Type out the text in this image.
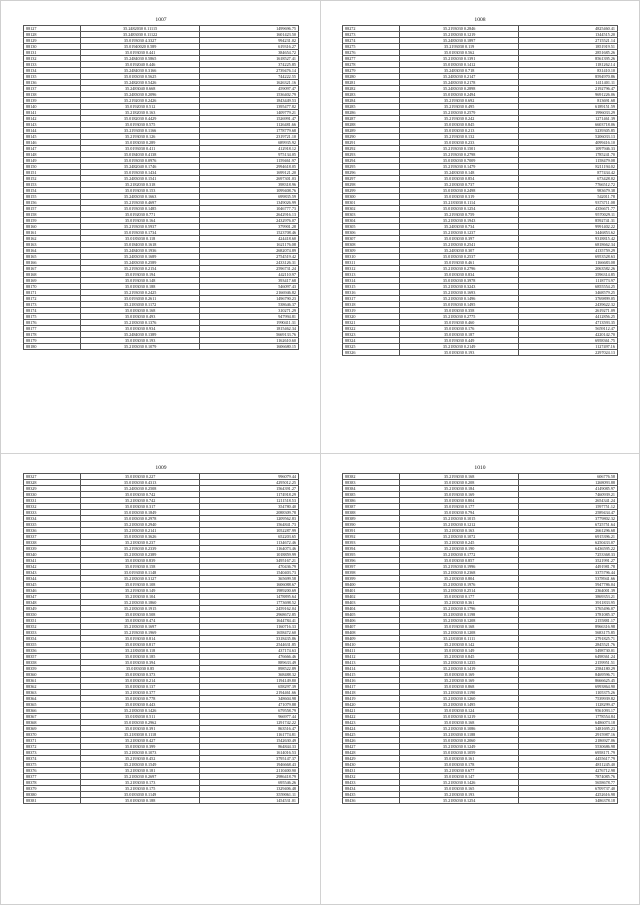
1007
88127	35.2482030 0.11115	1499696.75
88128	35.2483030 0.11122	1601423.50
88129	35.0193030 4.3327	994231.02
88130	35.01940020 0.589	619316.27
88131	35.0193030 0.441	384654.72
88132	35.2484030 0.5865	1618527.41
88133	35.0192040 0.446	374225.85
88134	35.2484030 0.3166	2739476.14
88135	35.0183030 0.5625	744222.55
88136	35.2482030 0.5426	1626321.16
88137	35.2483040 0.668	459097.47
88138	35.2483030 0.2096	1536402.79
88139	35.2192030 0.2426	1843449.53
88140	35.0192030 0.512	1395477.82
88141	35.2182030 0.163	1409779.21
88142	35.0182030 0.4429	1526991.47
88143	35.0193030 0.575	1126481.66
88144	35.2193030 0.1166	1778779.68
88145	35.2193030 0.126	2319721.10
88146	35.0183030 0.289	689935.92
88147	35.0193030 0.411	412918.12
88148	35.0184030 0.4138	975134.05
88149	35.0193030 0.0976	1159461.97
88150	35.2482040 0.1746	2994618.05
88151	35.0193030 0.1434	1699121.20
88152	35.2483030 0.1541	2697301.03
88153	35.2182030 0.318	398318.96
88154	35.0193030 0.153	1099408.76
88155	35.2483030 0.1663	699835.59
88156	35.2193030 0.4697	1349026.99
88157	35.0193030 0.1485	1046777.73
88158	35.0192030 0.771	2642916.13
88159	35.0193030 0.164	2432976.07
88160	35.2193030 0.5937	379901.28
88161	35.0193030 0.1734	1523708.46
88162	35.0183030 0.118	424418.60
88163	35.0184030 0.1618	1621176.08
88164	35.2484030 0.1936	2682074.89
88165	35.2483030 0.1689	2754519.42
88166	35.2483030 0.2589	2433126.31
88167	35.2193030 0.2154	2596731.24
88168	35.0193030 0.194	442110.97
88169	35.0193030 0.148	393417.68
88170	35.0183030 0.188	546097.43
88171	35.2193030 0.2425	2166946.82
88172	35.0193030 0.2611	1496790.23
88173	35.2183030 0.1172	538646.37
88174	35.0183030 0.168	310271.29
88175	35.0183030 0.493	947994.81
88176	35.2183030 0.1376	1990411.31
88177	35.0183030 0.934	1815462.34
88178	35.2484030 0.1389	5669133.76
88179	35.0183030 0.193	1162610.60
88180	35.2183030 0.1079	1606680.15
1008
88272	35.2193030 0.2846	4825460.41
88273	35.2183030 0.1219	1344515.20
88274	35.2483030 0.1897	2715521.14
88275	35.2193030 0.119	1851919.51
88276	35.0183030 0.562	2851685.26
88277	35.2183030 0.1391	8561395.26
88278	35.0183030 0.1412	1181262.14
88279	35.2483030 0.718	831410.10
88280	35.2483030 0.2147	8594970.86
88281	35.2483030 0.2178	1411401.11
88282	35.2483030 0.2898	2192796.47
88283	35.0183030 0.2494	9691226.06
88284	35.2193030 0.692	813691.68
88285	35.2193030 0.495	6189151.59
88286	35.2183030 0.2579	1996033.29
88287	35.2193030 0.242	1271461.39
88288	35.0183030 0.845	6603718.06
88289	35.0183030 0.213	5239305.85
88290	35.2193030 0.132	5206033.13
88291	35.0183030 0.233	4099416.10
88292	35.2193030 0.1501	1097946.33
88293	35.2193030 0.2798	1785241.70
88294	35.0183030 0.7009	1158479.08
88295	35.2193030 0.1479	8211194.02
88296	35.2483030 0.148	877434.42
88297	35.0183030 0.854	673428.02
88298	35.2183030 0.737	7766512.72
88299	35.0183030 0.2498	983679.38
88300	35.0183030 0.319	542011.78
88301	35.2183030 0.1114	9373711.08
88302	35.0183030 0.1254	4356671.77
88303	35.2193030 0.759	9570029.11
88304	35.2183030 0.1943	8592741.31
88305	35.2483030 0.734	9991402.22
88306	35.2183030 0.1237	3446853.62
88307	35.0183030 0.397	9318815.42
88308	35.2183030 0.2541	6818662.34
88309	35.2483030 0.307	4135759.29
88310	35.0183030 0.2537	6953528.63
88311	35.0193030 0.461	1166683.08
88312	35.2183030 0.2796	2063582.26
88313	35.0183030 0.834	3596314.85
88314	35.0183030 0.3978	1118773.97
88315	35.2183030 0.3243	6855554.25
88316	35.2183030 0.1693	3468579.25
88317	35.2183030 0.1496	3769899.05
88318	35.0193030 0.1495	2439622.32
88319	35.0183030 0.358	2619271.09
88320	35.2183030 0.2775	4412856.25
88321	35.0193030 0.460	4713593.35
88322	35.0183030 0.176	5659112.47
88323	35.0183030 0.187	4220142.70
88324	35.0193030 0.449	6958361.75
88325	35.2183030 0.2149	1127497.16
88326	35.0183030 0.193	2297024.13
1009
88327	35.0183030 0.227	996079.44
88328	35.0183030 0.4313	4295012.25
88329	35.2483030 0.2508	1564391.27
88330	35.0183030 0.742	1174918.29
88331	35.2183030 0.742	1211518.53
88332	35.0183030 0.317	354780.40
88333	35.0183030 0.1849	2088309.78
88334	35.0183030 0.2978	1209562.83
88335	35.2183030 0.2940	1564841.73
88336	35.2183030 0.2141	1052287.99
88337	35.0183030 0.3626	652203.65
88338	35.2183030 0.237	1134672.46
88339	35.2193030 0.2339	1164073.46
88340	35.2183030 0.2389	1018859.99
88341	35.0183030 0.839	3495167.21
88342	35.0193030 0.158	470436.79
88343	35.0193030 0.1148	1540403.73
88344	35.2183030 0.3127	365699.58
88345	35.0193030 0.108	1606088.67
88346	35.2193030 0.149	1989200.69
88347	35.2183030 0.104	1478895.64
88348	35.2183030 0.1860	1773698.52
88349	35.2183030 0.1915	2459162.04
88350	35.0183030 0.508	2968672.85
88351	35.0183030 0.474	1644784.41
88352	35.2183030 0.1697	1160716.33
88353	35.2193030 0.1969	1658472.60
88354	35.0193030 0.814	3318435.86
88355	35.0183030 0.817	2544631.85
88356	35.2183030 0.118	437174.63
88357	35.0183030 0.185	476666.46
88358	35.0183030 0.394	889633.49
88359	35.0183030 0.85	898522.89
88360	35.0183030 0.373	368488.32
88361	35.0183030 0.214	1194149.80
88362	35.0183030 0.137	658297.39
88363	35.2183030 0.377	2194461.66
88364	35.0183030 0.778	348604.98
88365	35.0183030 0.443	471079.88
88366	35.2183030 0.1426	679558.79
88367	35.0183030 0.511	966977.44
88368	35.0183030 0.2962	1291742.22
88369	35.0183030 0.391	863516.47
88370	35.2183030 0.1118	1161774.81
88371	35.2183030 0.427	1542630.49
88372	35.0183030 0.399	864844.33
88373	35.2183030 0.1073	1614016.53
88374	35.2193030 0.452	3795147.37
88375	35.2183030 0.1549	1946668.43
88376	35.2183030 0.181	2110400.90
88377	35.2183030 0.2697	2986418.79
88378	35.2183030 0.173	695546.26
88379	35.2183030 0.175	1329406.48
88380	35.0183030 0.1149	3559061.11
88381	35.0183030 0.188	1454531.01
1010
88382	35.2193030 0.168	606776.58
88383	35.0183030 0.208	1268093.88
88384	35.2183030 0.184	4149085.97
88385	35.0193030 0.169	7460939.21
88386	35.0183030 0.804	2654341.24
88387	35.0193030 0.177	1597751.12
88388	35.0183030 0.794	2589434.47
88389	35.2183030 0.1015	3779802.32
88390	35.2183030 0.1212	6725751.64
88391	35.2183030 0.163	2661296.68
88392	35.2183030 0.1072	6915396.21
88393	35.2183030 0.245	6250433.07
88394	35.2183030 0.190	6436595.22
88395	35.2183030 0.1772	7253368.33
88396	35.0183030 0.857	3521991.27
88397	35.2193030 0.1996	4491981.78
88398	35.2183030 0.2368	3375796.44
88399	35.2183030 0.804	5378941.66
88400	35.2183030 0.1976	5947786.04
88401	35.2183030 0.2514	2364001.39
88402	35.0183030 0.177	3869353.21
88403	35.2183030 0.361	3911833.95
88404	35.2183030 0.1796	3765496.07
88405	35.2183030 0.1198	3781085.37
88406	35.2183030 0.1208	2155881.17
88407	35.0193030 0.168	8966316.98
88408	35.2183030 0.1208	5683175.85
88409	35.2183030 0.1111	2791825.71
88410	35.2183030 0.142	2845521.76
88411	35.0183030 0.149	5498730.01
88412	35.2183030 0.845	6498361.24
88413	35.2183030 0.1235	2159951.51
88414	35.2183030 0.1419	2584180.29
88415	35.0183030 0.169	8469596.71
88416	35.2183030 0.169	8666625.45
88417	35.0183030 0.868	6993864.90
88418	35.2183030 0.1190	1105375.26
88419	35.2183030 0.1260	7539939.82
88420	35.2183030 0.1495	1128299.47
88421	35.0183030 0.124	9561093.17
88422	35.0183030 0.1219	1778554.84
88423	35.0183030 0.168	6486073.18
88424	35.2183030 0.1086	3481695.23
88425	35.2183030 0.1188	2915987.16
88426	35.0183030 0.2060	2186927.06
88427	35.2183030 0.1249	5530686.98
88428	35.0183030 0.1059	6958171.79
88429	35.0183030 0.161	4455617.79
88430	35.0183030 0.178	4811245.40
88431	35.2183030 0.677	4276712.98
88432	35.0183030 0.147	7874085.76
88433	35.2183030 0.1426	5658678.77
88434	35.0183030 0.165	6709737.40
88435	35.2183030 0.193	4252616.98
88436	35.2183030 0.1254	3486378.18
